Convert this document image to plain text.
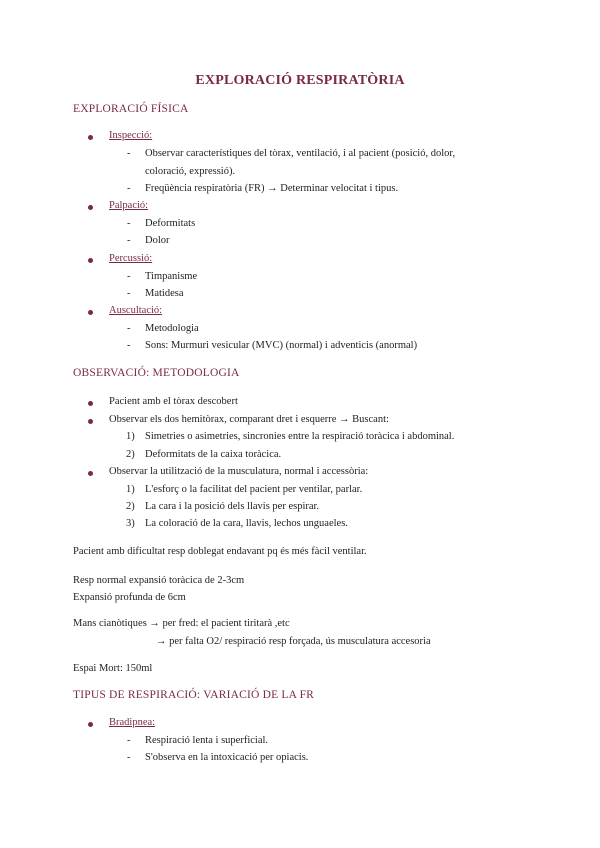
EXPLORACIÓ RESPIRATÒRIA
EXPLORACIÓ FÍSICA
Inspecció:
- Observar característiques del tòrax, ventilació, i al pacient (posició, dolor,
coloració, expressió).
- Freqüència respiratòria (FR) → Determinar velocitat i tipus.
Palpació:
- Deformitats
- Dolor
Percussió:
- Timpanisme
- Matidesa
Auscultació:
- Metodologia
- Sons: Murmuri vesicular (MVC) (normal) i adventicis (anormal)
OBSERVACIÓ: METODOLOGIA
Pacient amb el tòrax descobert
Observar els dos hemitòrax, comparant dret i esquerre → Buscant:
1) Simetries o asimetries, sincronies entre la respiració toràcica i abdominal.
2) Deformitats de la caixa toràcica.
Observar la utilització de la musculatura, normal i accessòria:
1) L'esforç o la facilitat del pacient per ventilar, parlar.
2) La cara i la posició dels llavis per espirar.
3) La coloració de la cara, llavis, lechos unguaeles.
Pacient amb dificultat resp doblegat endavant pq és més fàcil ventilar.
Resp normal expansió toràcica de 2-3cm
Expansió profunda de 6cm
Mans cianòtiques → per fred: el pacient tiritarà ,etc
→ per falta O2/ respiració resp forçada, ús musculatura accesoria
Espai Mort: 150ml
TIPUS DE RESPIRACIÓ: VARIACIÓ DE LA FR
Bradipnea:
- Respiració lenta i superficial.
- S'observa en la intoxicació per opiacis.
